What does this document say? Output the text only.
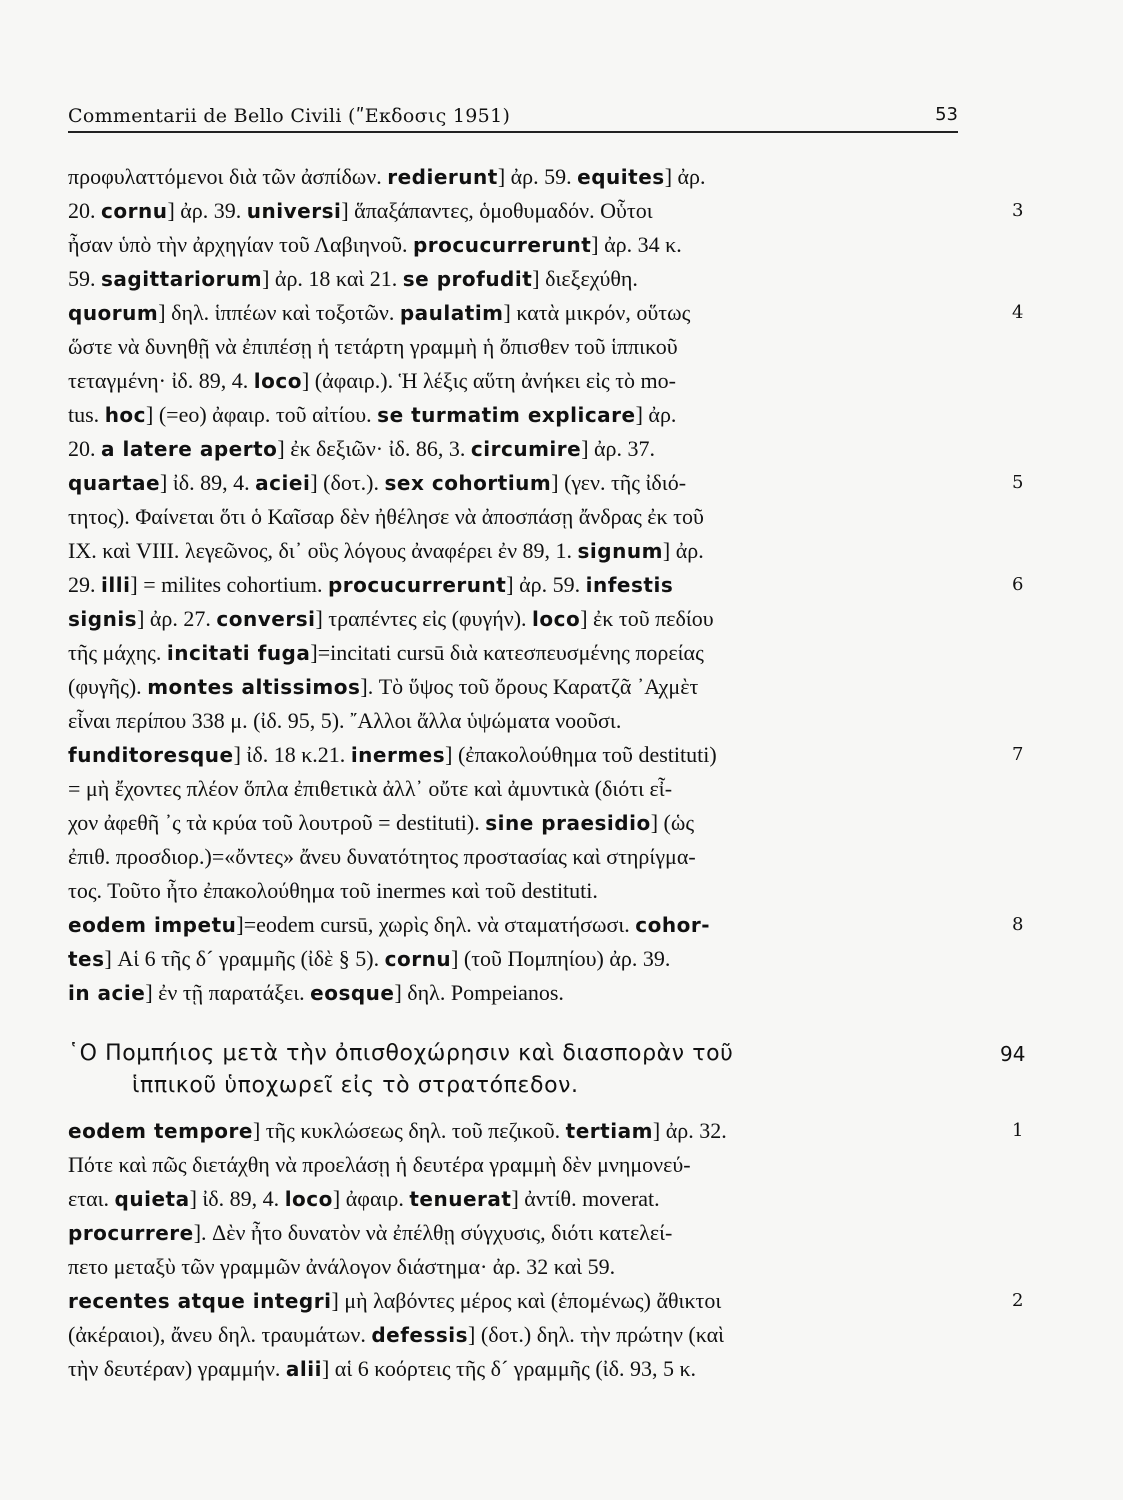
Commentarii de Bello Civili (ʺΕκδοσις 1951)	53
προφυλαττόμενοι διὰ τῶν ἀσπίδων. redierunt] ἀρ. 59. equites] ἀρ.
20. cornu] ἀρ. 39. universi] ἅπαξάπαντες, ὁμοθυμαδόν. Οὗτοι
ἦσαν ὑπὸ τὴν ἀρχηγίαν τοῦ Λαβιηνοῦ. procucurrerunt] ἀρ. 34 κ.
59. sagittariorum] ἀρ. 18 καὶ 21. se profudit] διεξεχύθη.
quorum] δηλ. ἱππέων καὶ τοξοτῶν. paulatim] κατὰ μικρόν, οὕτως
ὥστε νὰ δυνηθῇ νὰ ἐπιπέσῃ ἡ τετάρτη γραμμὴ ἡ ὄπισθεν τοῦ ἱππικοῦ
τεταγμένη· ἰδ. 89, 4. loco] (ἀφαιρ.). Ἡ λέξις αὕτη ἀνήκει εἰς τὸ mo-
tus. hoc] (=eo) ἀφαιρ. τοῦ αἰτίου. se turmatim explicare] ἀρ.
20. a latere aperto] ἐκ δεξιῶν· ἰδ. 86, 3. circumire] ἀρ. 37.
quartae] ἰδ. 89, 4. aciei] (δοτ.). sex cohortium] (γεν. τῆς ἰδιό-
τητος). Φαίνεται ὅτι ὁ Καῖσαρ δὲν ἠθέλησε νὰ ἀποσπάσῃ ἄνδρας ἐκ τοῦ
IX. καὶ VIII. λεγεῶνος, δι᾽ οὓς λόγους ἀναφέρει ἐν 89, 1. signum] ἀρ.
29. illi] = milites cohortium. procucurrerunt] ἀρ. 59. infestis
signis] ἀρ. 27. conversi] τραπέντες εἰς (φυγήν). loco] ἐκ τοῦ πεδίου
τῆς μάχης. incitati fuga]=incitati cursū διὰ κατεσπευσμένης πορείας
(φυγῆς). montes altissimos]. Τὸ ὕψος τοῦ ὄρους Καρατζᾶ ᾿Αχμὲτ
εἶναι περίπου 338 μ. (ἰδ. 95, 5). ῎Αλλοι ἄλλα ὑψώματα νοοῦσι.
funditoresque] ἰδ. 18 κ.21. inermes] (ἐπακολούθημα τοῦ destituti)
= μὴ ἔχοντες πλέον ὅπλα ἐπιθετικὰ ἀλλ᾽ οὔτε καὶ ἀμυντικὰ (διότι εἶ-
χον ἀφεθῆ ᾽ς τὰ κρύα τοῦ λουτροῦ = destituti). sine praesidio] (ὡς
ἐπιθ. προσδιορ.)=«ὄντες» ἄνευ δυνατότητος προστασίας καὶ στηρίγμα-
τος. Τοῦτο ἦτο ἐπακολούθημα τοῦ inermes καὶ τοῦ destituti.
eodem impetu]=eodem cursū, χωρὶς δηλ. νὰ σταματήσωσι. cohor-
tes] Αἱ 6 τῆς δ´ γραμμῆς (ἰδὲ § 5). cornu] (τοῦ Πομπηίου) ἀρ. 39.
in acie] ἐν τῇ παρατάξει. eosque] δηλ. Pompeianos.
eodem tempore] τῆς κυκλώσεως δηλ. τοῦ πεζικοῦ. tertiam] ἀρ. 32.
Πότε καὶ πῶς διετάχθη νὰ προελάσῃ ἡ δευτέρα γραμμὴ δὲν μνημονεύ-
εται. quieta] ἰδ. 89, 4. loco] ἀφαιρ. tenuerat] ἀντίθ. moverat.
procurrere]. Δὲν ἦτο δυνατὸν νὰ ἐπέλθῃ σύγχυσις, διότι κατελεί-
πετο μεταξὺ τῶν γραμμῶν ἀνάλογον διάστημα· ἀρ. 32 καὶ 59.
recentes atque integri] μὴ λαβόντες μέρος καὶ (ἑπομένως) ἄθικτοι
(ἀκέραιοι), ἄνευ δηλ. τραυμάτων. defessis] (δοτ.) δηλ. τὴν πρώτην (καὶ
τὴν δευτέραν) γραμμήν. alii] αἱ 6 κοόρτεις τῆς δ´ γραμμῆς (ἰδ. 93, 5 κ.
῾Ο Πομπήιος μετὰ τὴν ὀπισθοχώρησιν καὶ διασπορὰν τοῦ
ἱππικοῦ ὑποχωρεῖ εἰς τὸ στρατόπεδον.
94
3
4
5
6
7
8
1
2
